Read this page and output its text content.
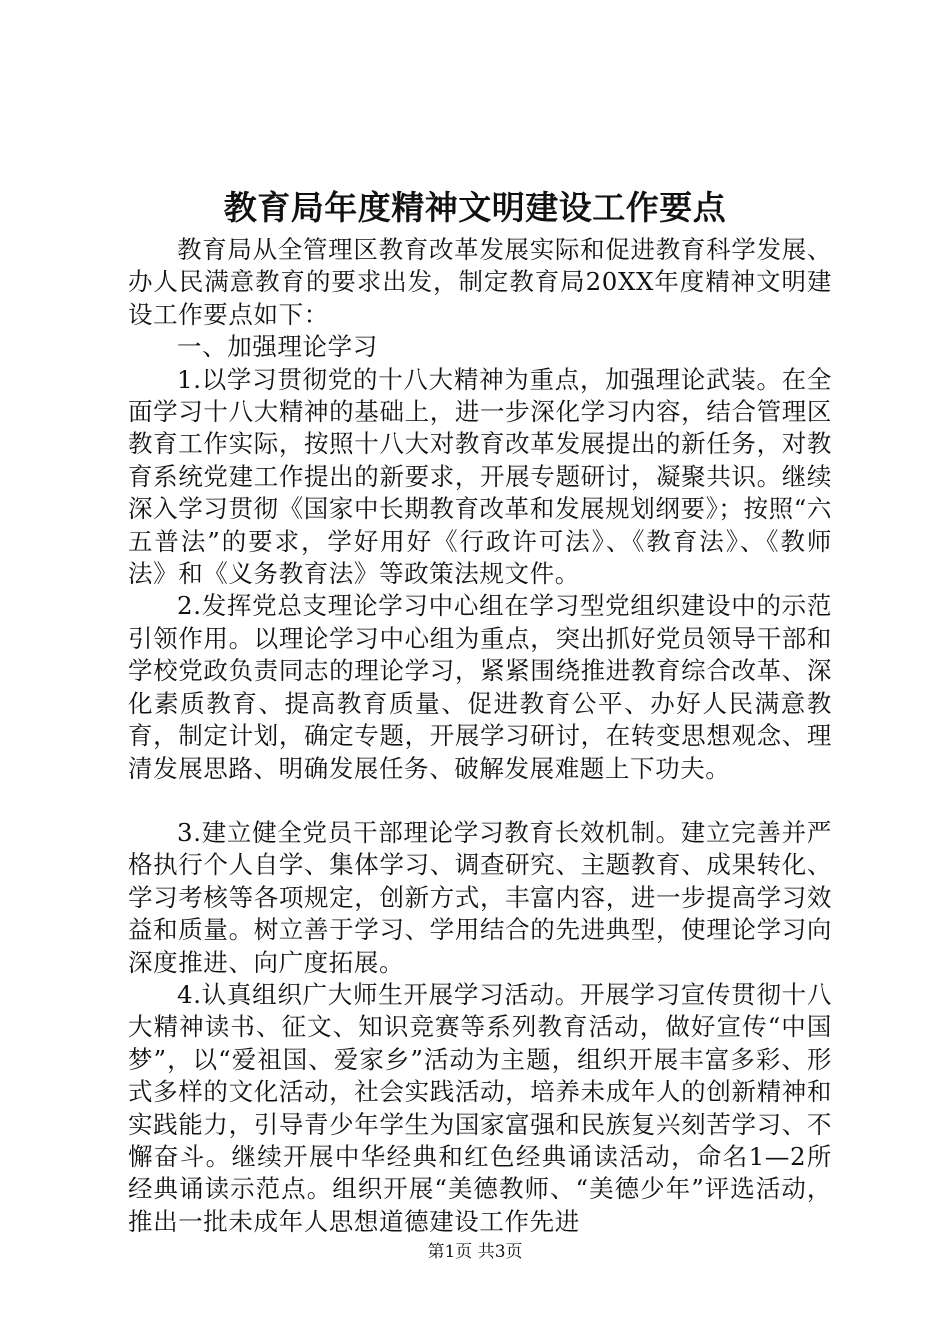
教育局年度精神文明建设工作要点

教育局从全管理区教育改革发展实际和促进教育科学发展、办人民满意教育的要求出发，制定教育局20XX年度精神文明建设工作要点如下：

一、加强理论学习

1.以学习贯彻党的十八大精神为重点，加强理论武装。在全面学习十八大精神的基础上，进一步深化学习内容，结合管理区教育工作实际，按照十八大对教育改革发展提出的新任务，对教育系统党建工作提出的新要求，开展专题研讨，凝聚共识。继续深入学习贯彻《国家中长期教育改革和发展规划纲要》；按照“六五普法”的要求，学好用好《行政许可法》、《教育法》、《教师法》和《义务教育法》等政策法规文件。

2.发挥党总支理论学习中心组在学习型党组织建设中的示范引领作用。以理论学习中心组为重点，突出抓好党员领导干部和学校党政负责同志的理论学习，紧紧围绕推进教育综合改革、深化素质教育、提高教育质量、促进教育公平、办好人民满意教育，制定计划，确定专题，开展学习研讨，在转变思想观念、理清发展思路、明确发展任务、破解发展难题上下功夫。

3.建立健全党员干部理论学习教育长效机制。建立完善并严格执行个人自学、集体学习、调查研究、主题教育、成果转化、学习考核等各项规定，创新方式，丰富内容，进一步提高学习效益和质量。树立善于学习、学用结合的先进典型，使理论学习向深度推进、向广度拓展。

4.认真组织广大师生开展学习活动。开展学习宣传贯彻十八大精神读书、征文、知识竞赛等系列教育活动，做好宣传“中国梦”，以“爱祖国、爱家乡”活动为主题，组织开展丰富多彩、形式多样的文化活动，社会实践活动，培养未成年人的创新精神和实践能力，引导青少年学生为国家富强和民族复兴刻苦学习、不懈奋斗。继续开展中华经典和红色经典诵读活动，命名1—2所经典诵读示范点。组织开展“美德教师、“美德少年”评选活动，推出一批未成年人思想道德建设工作先进

第1页 共3页
